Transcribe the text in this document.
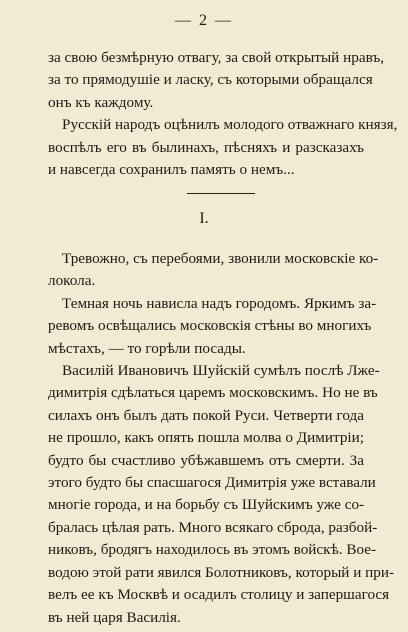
— 2 —
за свою безмѣрную отвагу, за свой открытый нравъ,
за то прямодушіе и ласку, съ которыми обращался
онъ къ каждому.
Русскій народъ оцѣнилъ молодого отважнаго князя,
воспѣлъ его въ былинахъ, пѣсняхъ и разсказахъ
и навсегда сохранилъ память о немъ...
I.
Тревожно, съ перебоями, звонили московскіе ко-
локола.
Темная ночь нависла надъ городомъ. Яркимъ за-
ревомъ освѣщались московскія стѣны во многихъ
мѣстахъ, — то горѣли посады.
Василій Ивановичъ Шуйскій сумѣлъ послѣ Лже-
димитрія сдѣлаться царемъ московскимъ. Но не въ
силахъ онъ былъ дать покой Руси. Четверти года
не прошло, какъ опять пошла молва о Димитріи;
будто бы счастливо убѣжавшемъ отъ смерти. За
этого будто бы спасшагося Димитрія уже вставали
многіе города, и на борьбу съ Шуйскимъ уже со-
бралась цѣлая рать. Много всякаго сброда, разбой-
никовъ, бродягъ находилось въ этомъ войскѣ. Вое-
водою этой рати явился Болотниковъ, который и при-
велъ ее къ Москвѣ и осадилъ столицу и запершагося
въ ней царя Василія.
